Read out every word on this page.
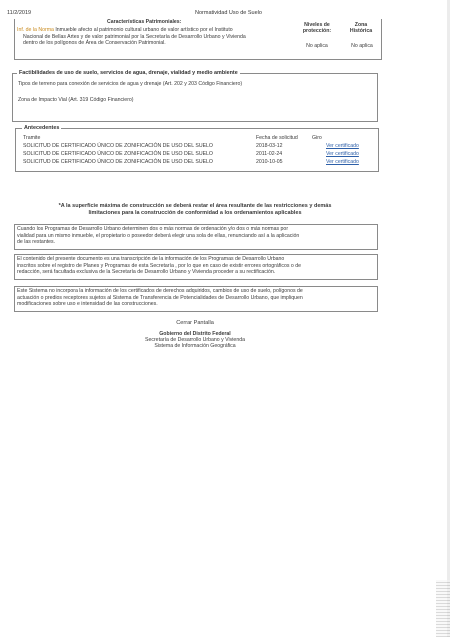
11/2/2019	Normatividad Uso de Suelo
Características Patrimoniales:
Inf. de la Norma Inmueble afecto al patrimonio cultural urbano de valor artístico por el Instituto
Nacional de Bellas Artes y de valor patrimonial por la Secretaría de Desarrollo Urbano y Vivienda
dentro de los polígonos de Área de Conservación Patrimonial.
Niveles de protección:
No aplica
Zona Histórica
No aplica
Factibilidades de uso de suelo, servicios de agua, drenaje, vialidad y medio ambiente
Tipos de terreno para conexión de servicios de agua y drenaje (Art. 202 y 203 Código Financiero)
Zona de Impacto Vial (Art. 319 Código Financiero)
Antecedentes
Tramite	Fecha de solicitud	Giro
SOLICITUD DE CERTIFICADO ÚNICO DE ZONIFICACIÓN DE USO DEL SUELO	2018-03-12	Ver certificado
SOLICITUD DE CERTIFICADO ÚNICO DE ZONIFICACIÓN DE USO DEL SUELO	2011-02-24	Ver certificado
SOLICITUD DE CERTIFICADO ÚNICO DE ZONIFICACIÓN DE USO DEL SUELO	2010-10-05	Ver certificado
*A la superficie máxima de construcción se deberá restar el área resultante de las restricciones y demás
limitaciones para la construcción de conformidad a los ordenamientos aplicables
Cuando los Programas de Desarrollo Urbano determinen dos o más normas de ordenación y/o dos o más normas por
vialidad para un mismo inmueble, el propietario o poseedor deberá elegir una sola de ellas, renunciando así a la aplicación
de las restantes.
El contenido del presente documento es una transcripción de la información de los Programas de Desarrollo Urbano
inscritos sobre el registro de Planes y Programas de esta Secretaría , por lo que en caso de existir errores ortográficos o de
redacción, será facultada exclusiva de la Secretaría de Desarrollo Urbano y Vivienda proceder a su rectificación.
Este Sistema no incorpora la información de los certificados de derechos adquiridos, cambios de uso de suelo, polígonos de
actuación o predios receptores sujetos al Sistema de Transferencia de Potencialidades de Desarrollo Urbano, que impliquen
modificaciones sobre uso e intensidad de las construcciones.
Cerrar Pantalla
Gobierno del Distrito Federal
Secretaría de Desarrollo Urbano y Vivienda
Sistema de Información Geográfica
